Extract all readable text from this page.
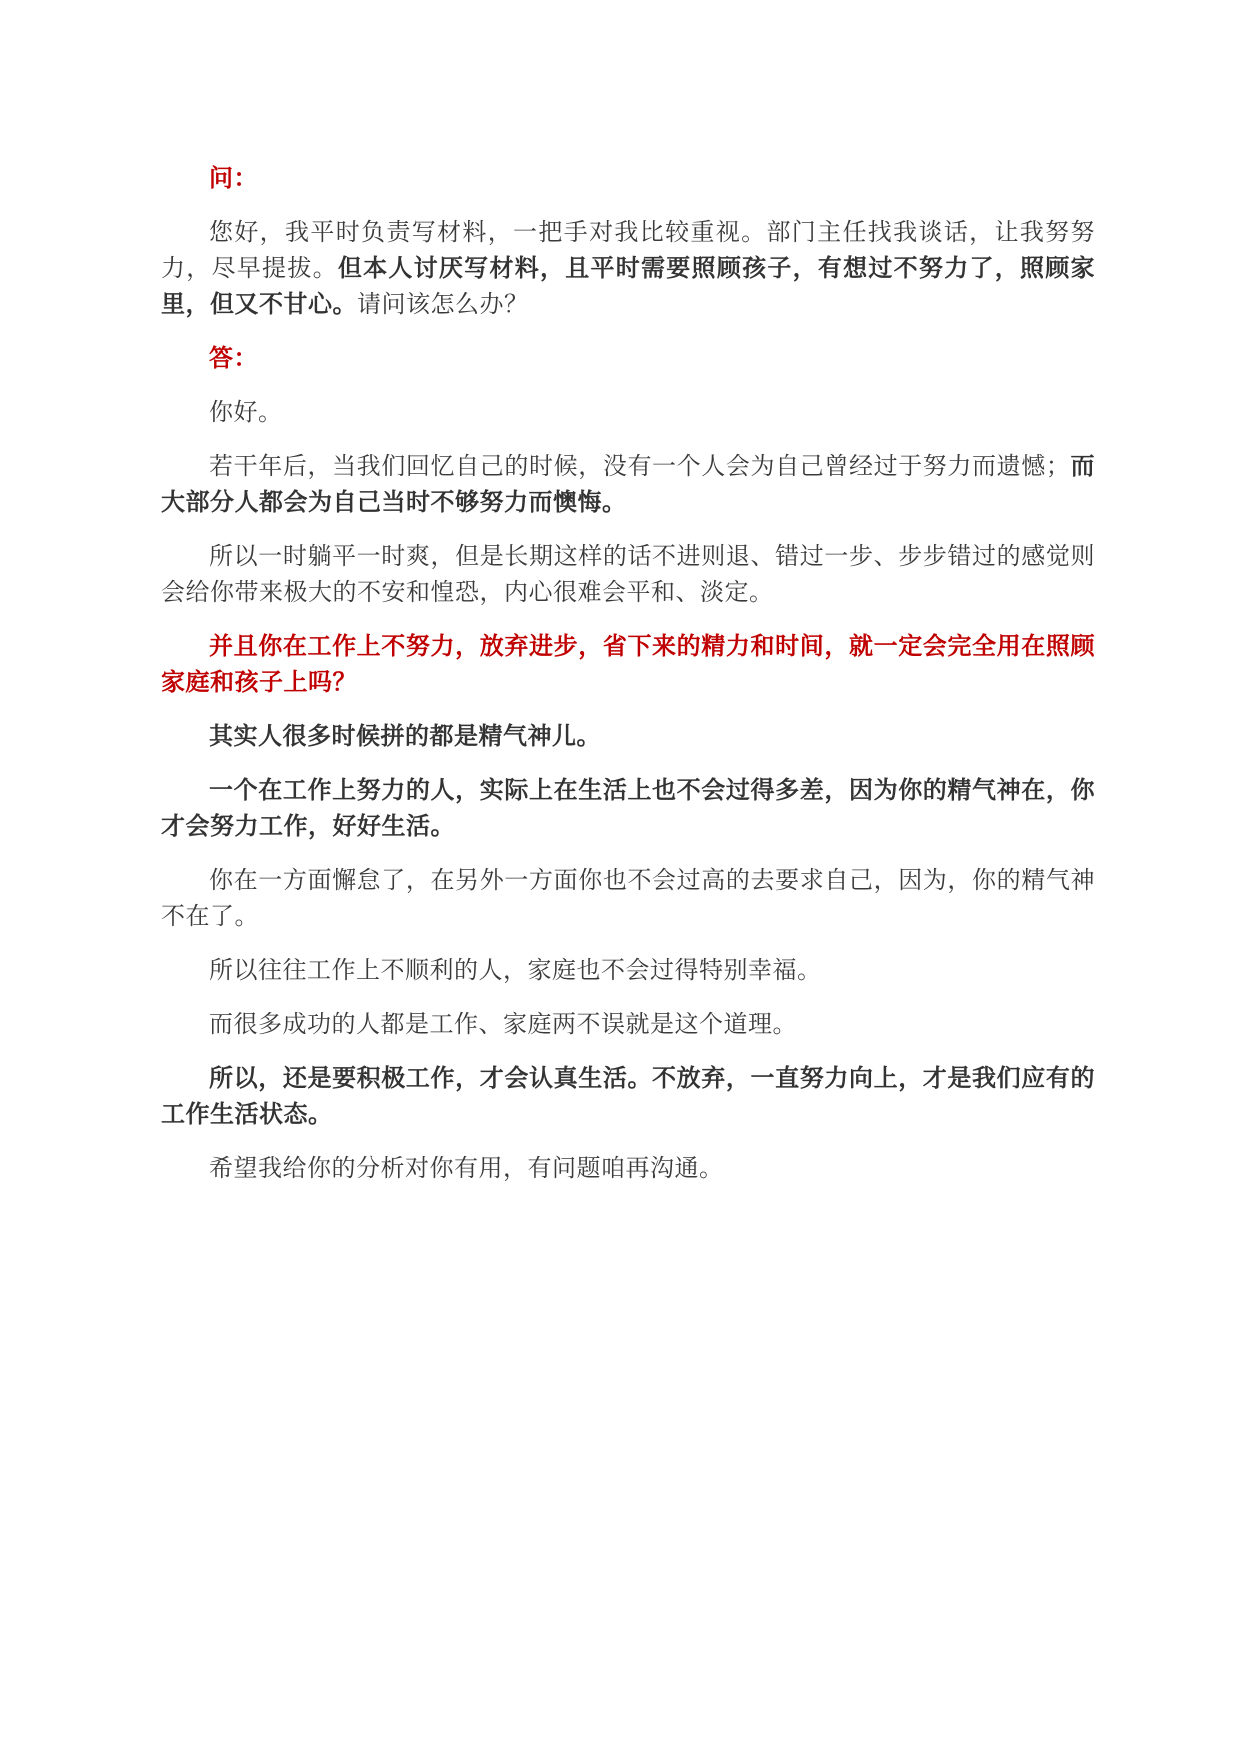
问：

您好，我平时负责写材料，一把手对我比较重视。部门主任找我谈话，让我努努力，尽早提拔。但本人讨厌写材料，且平时需要照顾孩子，有想过不努力了，照顾家里，但又不甘心。请问该怎么办？

答：

你好。

若干年后，当我们回忆自己的时候，没有一个人会为自己曾经过于努力而遗憾；而大部分人都会为自己当时不够努力而懊悔。

所以一时躺平一时爽，但是长期这样的话不进则退、错过一步、步步错过的感觉则会给你带来极大的不安和惶恐，内心很难会平和、淡定。

并且你在工作上不努力，放弃进步，省下来的精力和时间，就一定会完全用在照顾家庭和孩子上吗？

其实人很多时候拼的都是精气神儿。

一个在工作上努力的人，实际上在生活上也不会过得多差，因为你的精气神在，你才会努力工作，好好生活。

你在一方面懈怠了，在另外一方面你也不会过高的去要求自己，因为，你的精气神不在了。

所以往往工作上不顺利的人，家庭也不会过得特别幸福。

而很多成功的人都是工作、家庭两不误就是这个道理。

所以，还是要积极工作，才会认真生活。不放弃，一直努力向上，才是我们应有的工作生活状态。

希望我给你的分析对你有用，有问题咱再沟通。
